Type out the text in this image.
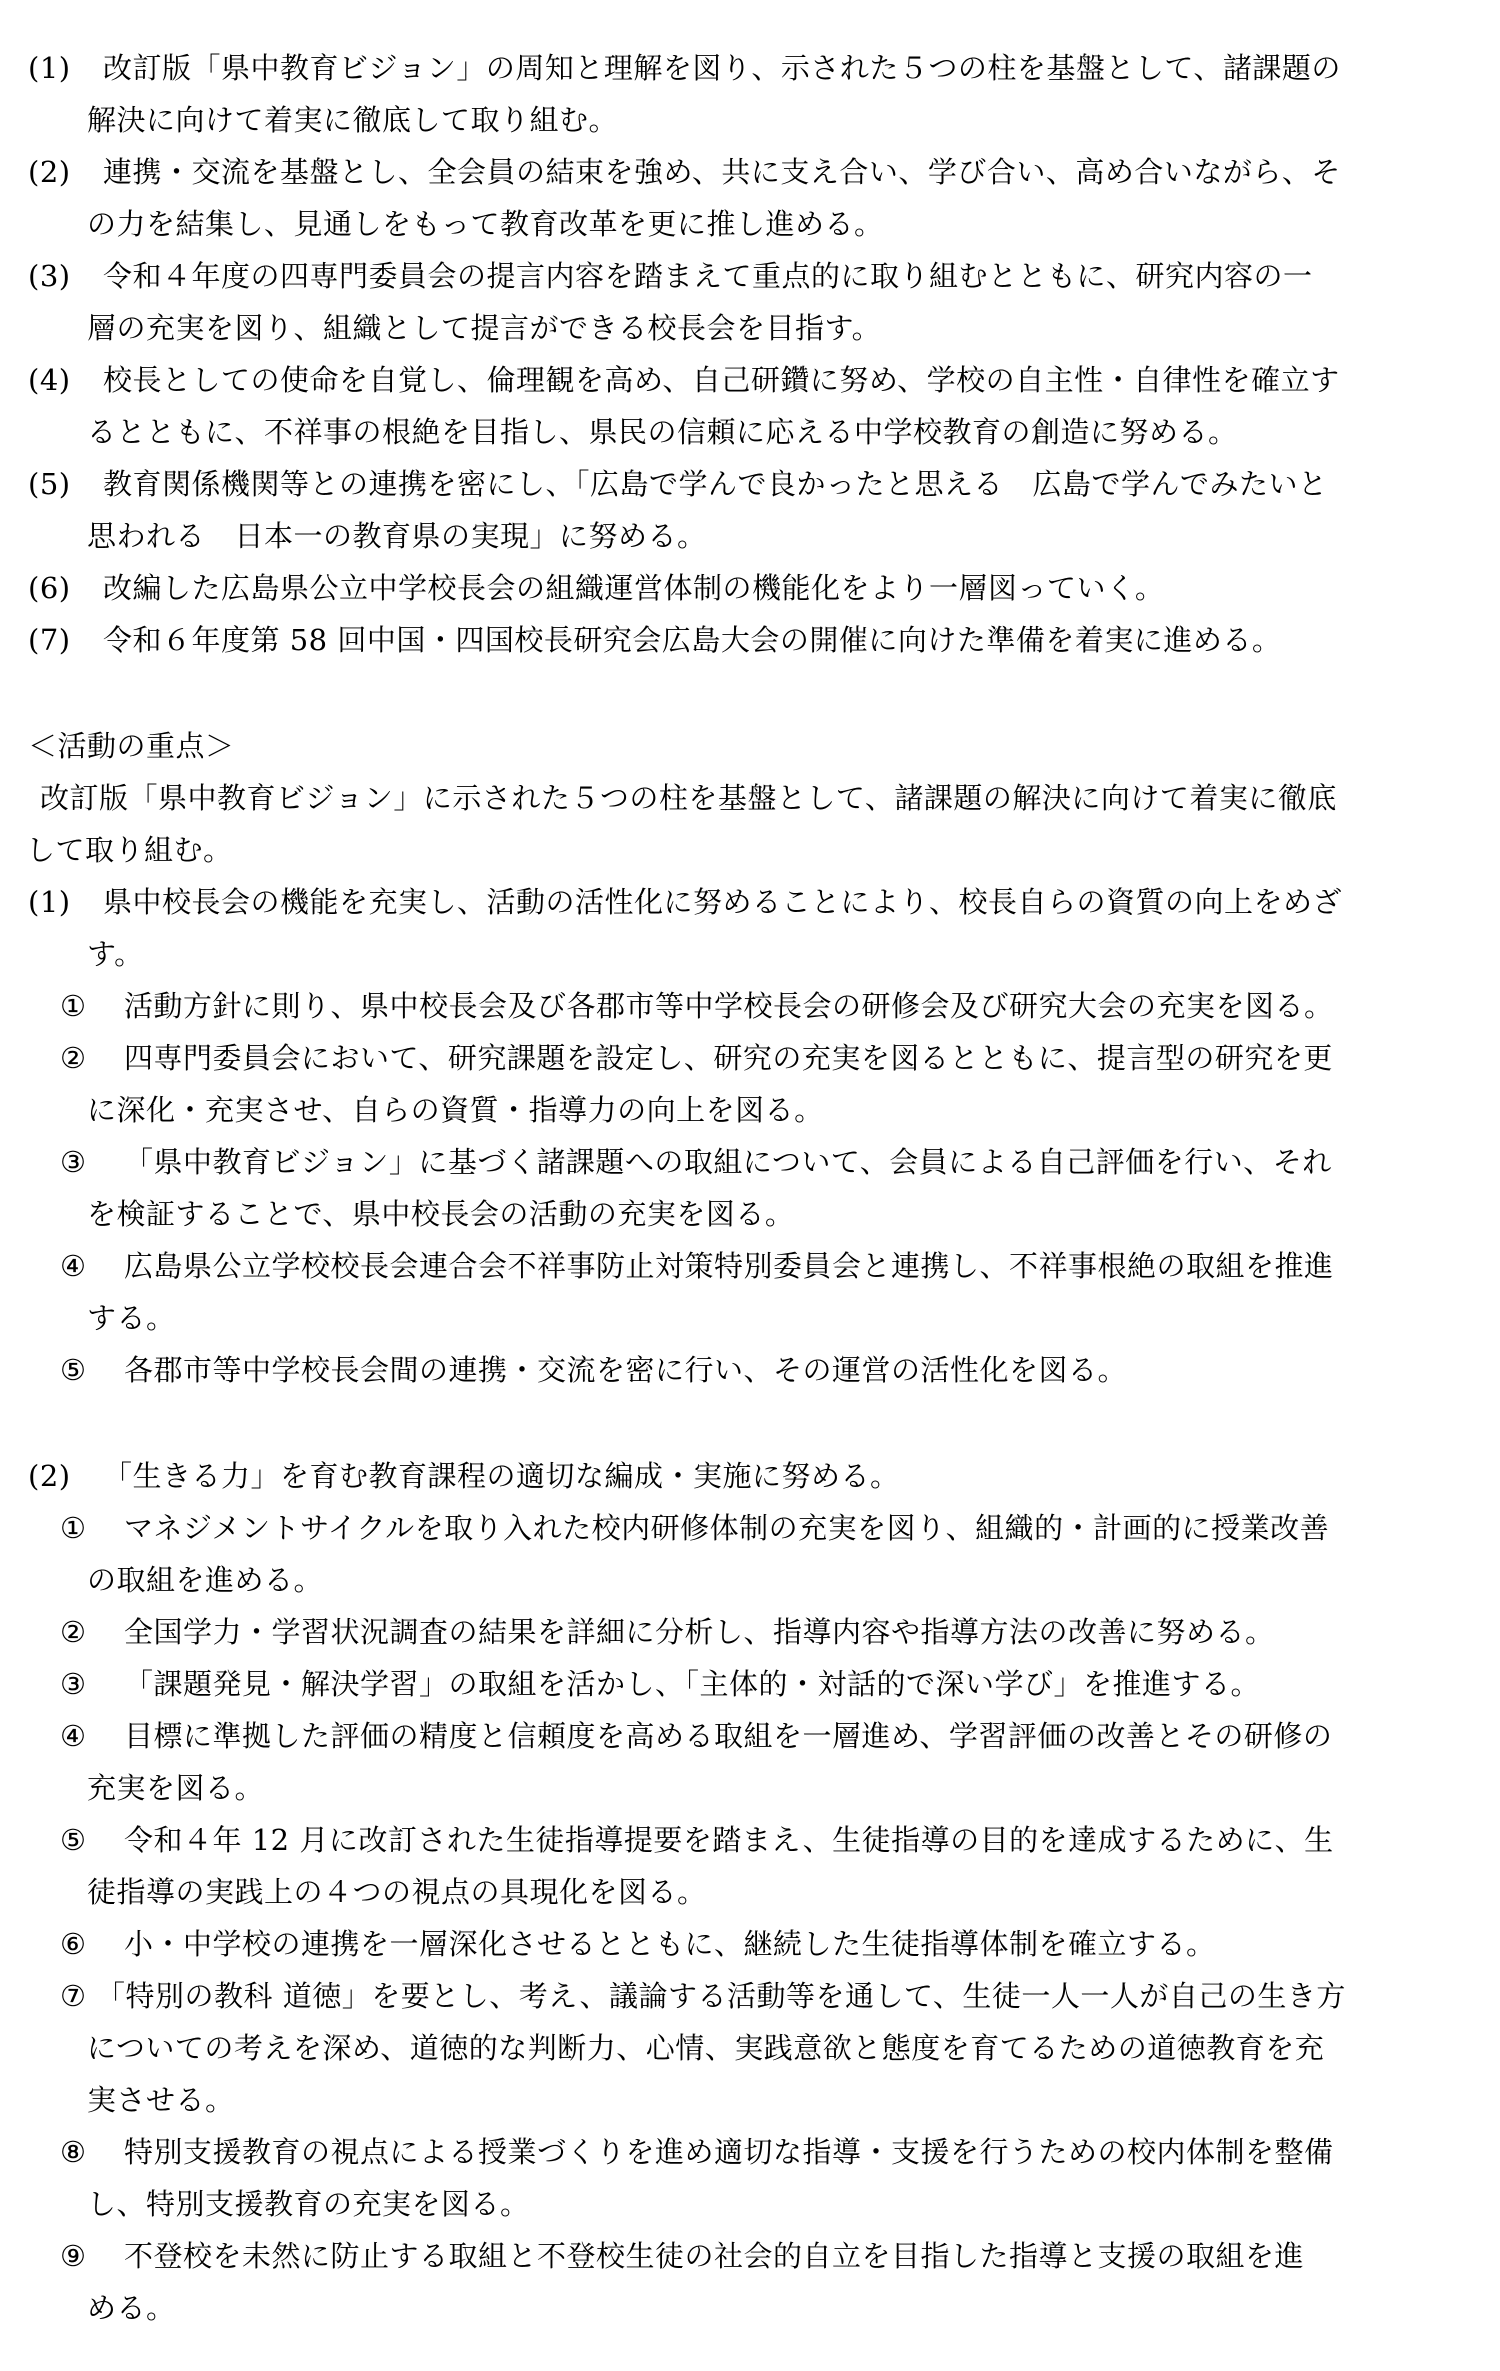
(1) 改訂版「県中教育ビジョン」の周知と理解を図り、示された５つの柱を基盤として、諸課題の
解決に向けて着実に徹底して取り組む。
(2) 連携・交流を基盤とし、全会員の結束を強め、共に支え合い、学び合い、高め合いながら、そ
の力を結集し、見通しをもって教育改革を更に推し進める。
(3) 令和４年度の四専門委員会の提言内容を踏まえて重点的に取り組むとともに、研究内容の一
層の充実を図り、組織として提言ができる校長会を目指す。
(4) 校長としての使命を自覚し、倫理観を高め、自己研鑽に努め、学校の自主性・自律性を確立す
るとともに、不祥事の根絶を目指し、県民の信頼に応える中学校教育の創造に努める。
(5) 教育関係機関等との連携を密にし、「広島で学んで良かったと思える　広島で学んでみたいと
思われる　日本一の教育県の実現」に努める。
(6) 改編した広島県公立中学校長会の組織運営体制の機能化をより一層図っていく。
(7) 令和６年度第 58 回中国・四国校長研究会広島大会の開催に向けた準備を着実に進める。
＜活動の重点＞
改訂版「県中教育ビジョン」に示された５つの柱を基盤として、諸課題の解決に向けて着実に徹底
して取り組む。
(1) 県中校長会の機能を充実し、活動の活性化に努めることにより、校長自らの資質の向上をめざ
す。
① 活動方針に則り、県中校長会及び各郡市等中学校長会の研修会及び研究大会の充実を図る。
② 四専門委員会において、研究課題を設定し、研究の充実を図るとともに、提言型の研究を更
に深化・充実させ、自らの資質・指導力の向上を図る。
③ 「県中教育ビジョン」に基づく諸課題への取組について、会員による自己評価を行い、それ
を検証することで、県中校長会の活動の充実を図る。
④ 広島県公立学校校長会連合会不祥事防止対策特別委員会と連携し、不祥事根絶の取組を推進
する。
⑤ 各郡市等中学校長会間の連携・交流を密に行い、その運営の活性化を図る。
(2) 「生きる力」を育む教育課程の適切な編成・実施に努める。
① マネジメントサイクルを取り入れた校内研修体制の充実を図り、組織的・計画的に授業改善
の取組を進める。
② 全国学力・学習状況調査の結果を詳細に分析し、指導内容や指導方法の改善に努める。
③ 「課題発見・解決学習」の取組を活かし、「主体的・対話的で深い学び」を推進する。
④ 目標に準拠した評価の精度と信頼度を高める取組を一層進め、学習評価の改善とその研修の
充実を図る。
⑤ 令和４年 12 月に改訂された生徒指導提要を踏まえ、生徒指導の目的を達成するために、生
徒指導の実践上の４つの視点の具現化を図る。
⑥ 小・中学校の連携を一層深化させるとともに、継続した生徒指導体制を確立する。
⑦ 「特別の教科 道徳」を要とし、考え、議論する活動等を通して、生徒一人一人が自己の生き方
についての考えを深め、道徳的な判断力、心情、実践意欲と態度を育てるための道徳教育を充
実させる。
⑧ 特別支援教育の視点による授業づくりを進め適切な指導・支援を行うための校内体制を整備
し、特別支援教育の充実を図る。
⑨ 不登校を未然に防止する取組と不登校生徒の社会的自立を目指した指導と支援の取組を進
める。
